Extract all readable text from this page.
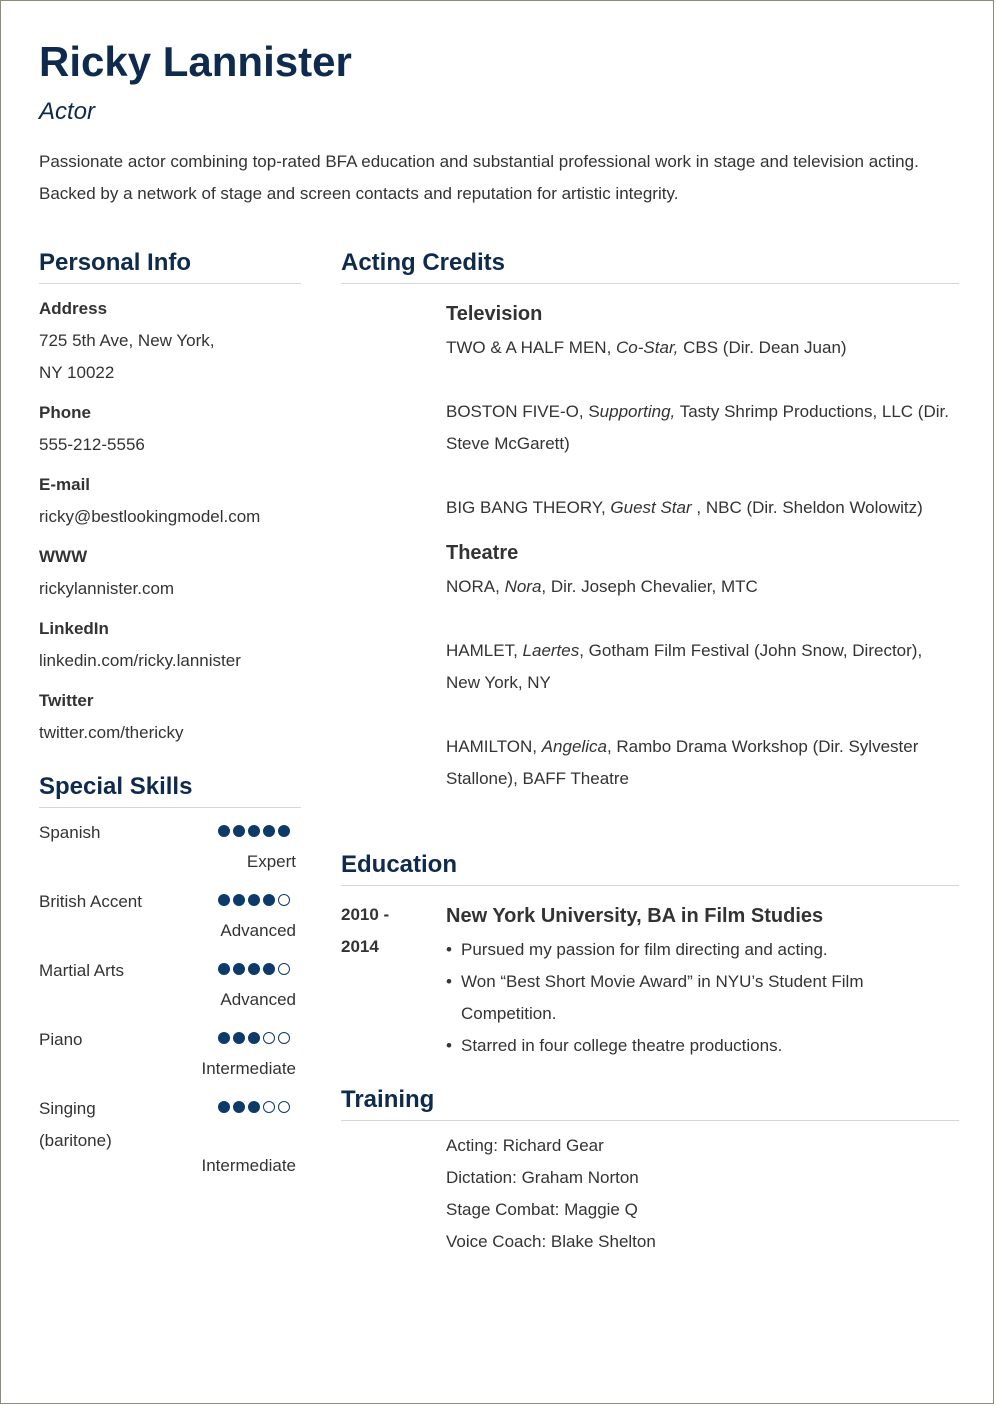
Ricky Lannister
Actor
Passionate actor combining top-rated BFA education and substantial professional work in stage and television acting.
Backed by a network of stage and screen contacts and reputation for artistic integrity.
Personal Info
Address
725 5th Ave, New York,
NY 10022
Phone
555-212-5556
E-mail
ricky@bestlookingmodel.com
WWW
rickylannister.com
LinkedIn
linkedin.com/ricky.lannister
Twitter
twitter.com/thericky
Special Skills
Acting Credits
Television
TWO & A HALF MEN, Co-Star, CBS (Dir. Dean Juan)
BOSTON FIVE-O, Supporting, Tasty Shrimp Productions, LLC (Dir.
Steve McGarett)
BIG BANG THEORY, Guest Star , NBC (Dir. Sheldon Wolowitz)
Theatre
NORA, Nora, Dir. Joseph Chevalier, MTC
HAMLET, Laertes, Gotham Film Festival (John Snow, Director),
New York, NY
HAMILTON, Angelica, Rambo Drama Workshop (Dir. Sylvester
Stallone), BAFF Theatre
Education
2010 -
2014
New York University, BA in Film Studies
• Pursued my passion for film directing and acting.
• Won “Best Short Movie Award” in NYU’s Student Film
Competition.
• Starred in four college theatre productions.
Training
Acting: Richard Gear
Dictation: Graham Norton
Stage Combat: Maggie Q
Voice Coach: Blake Shelton
Spanish
Expert
British Accent
Advanced
Martial Arts
Advanced
Piano
Intermediate
Singing
(baritone)
Intermediate
